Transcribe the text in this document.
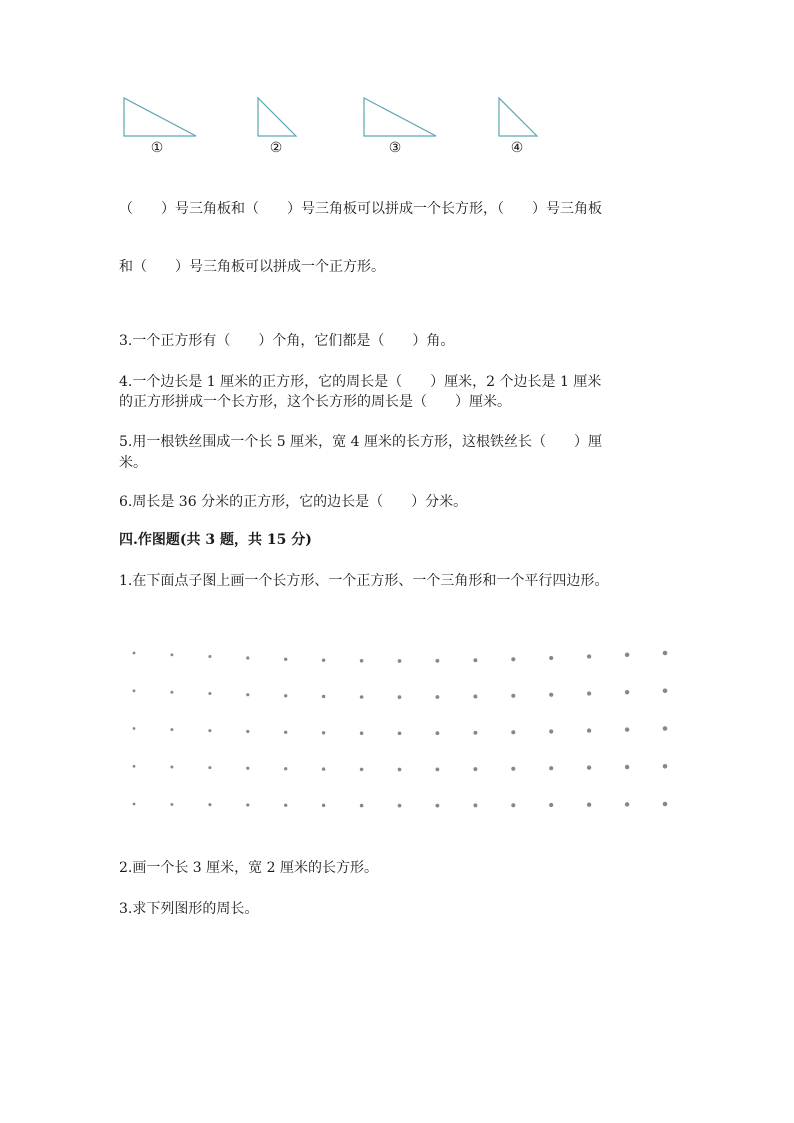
①	②	③	④
（　　）号三角板和（　　）号三角板可以拼成一个长方形，（　　）号三角板
和（　　）号三角板可以拼成一个正方形。
3.一个正方形有（　　）个角，它们都是（　　）角。
4.一个边长是 1 厘米的正方形，它的周长是（　　）厘米，2 个边长是 1 厘米
的正方形拼成一个长方形，这个长方形的周长是（　　）厘米。
5.用一根铁丝围成一个长 5 厘米，宽 4 厘米的长方形，这根铁丝长（　　）厘
米。
6.周长是 36 分米的正方形，它的边长是（　　）分米。
四.作图题(共 3 题，共 15 分)
1.在下面点子图上画一个长方形、一个正方形、一个三角形和一个平行四边形。
2.画一个长 3 厘米，宽 2 厘米的长方形。
3.求下列图形的周长。
